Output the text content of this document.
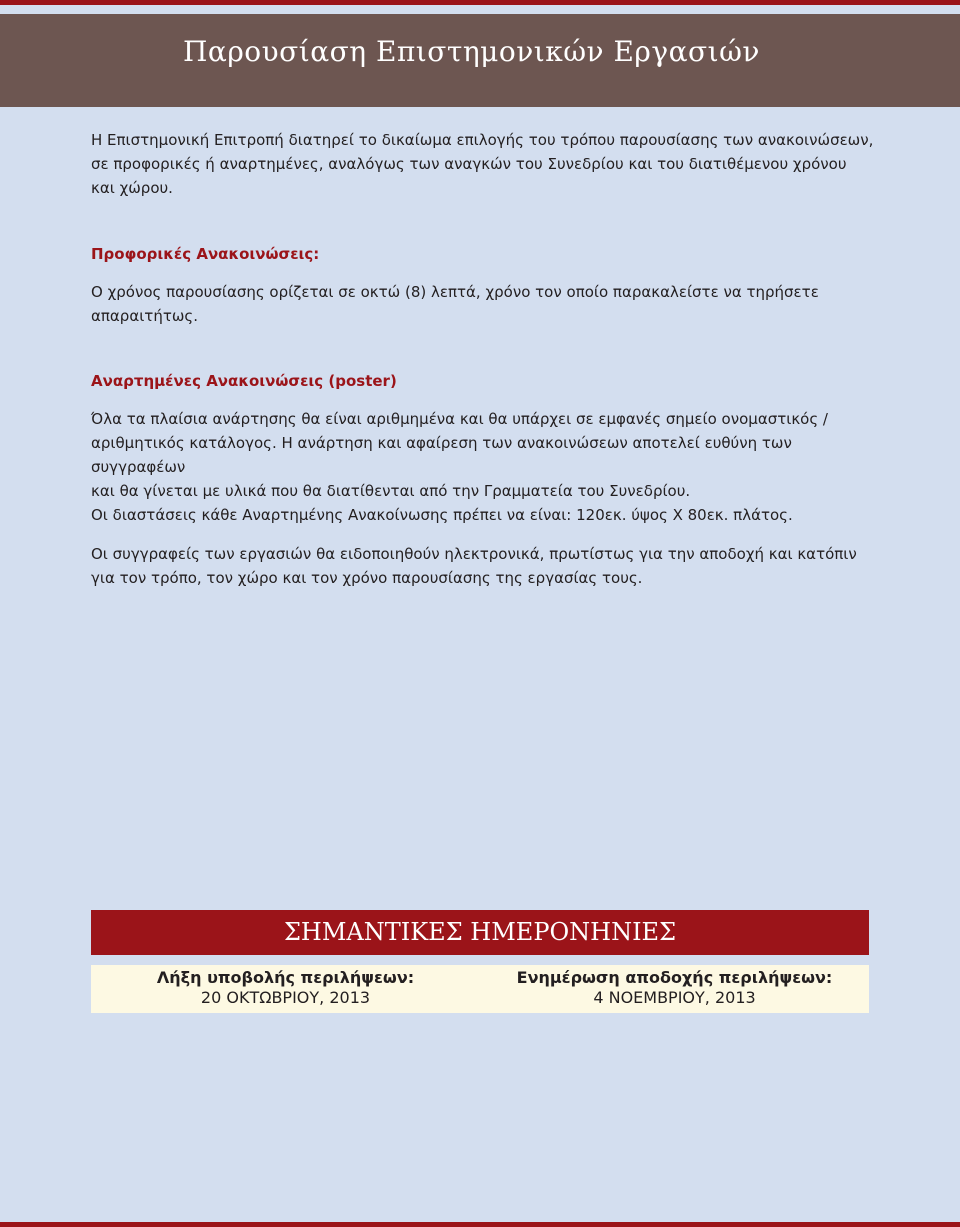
Παρουσίαση Επιστημονικών Εργασιών

Η Επιστημονική Επιτροπή διατηρεί το δικαίωμα επιλογής του τρόπου παρουσίασης των ανακοινώσεων,

σε προφορικές ή αναρτημένες, αναλόγως των αναγκών του Συνεδρίου και του διατιθέμενου χρόνου

και χώρου.

Προφορικές Ανακοινώσεις:

Ο χρόνος παρουσίασης ορίζεται σε οκτώ (8) λεπτά, χρόνο τον οποίο παρακαλείστε να τηρήσετε

απαραιτήτως.

Αναρτημένες Ανακοινώσεις (poster)

Όλα τα πλαίσια ανάρτησης θα είναι αριθμημένα και θα υπάρχει σε εμφανές σημείο ονομαστικός /

αριθμητικός κατάλογος. Η ανάρτηση και αφαίρεση των ανακοινώσεων αποτελεί ευθύνη των συγγραφέων

και θα γίνεται με υλικά που θα διατίθενται από την Γραμματεία του Συνεδρίου.

Οι διαστάσεις κάθε Αναρτημένης Ανακοίνωσης πρέπει να είναι: 120εκ. ύψος Χ 80εκ. πλάτος.

Οι συγγραφείς των εργασιών θα ειδοποιηθούν ηλεκτρονικά, πρωτίστως για την αποδοχή και κατόπιν

για τον τρόπο, τον χώρο και τον χρόνο παρουσίασης της εργασίας τους.

ΣΗΜΑΝΤΙΚΕΣ ΗΜΕΡΟΝΗΝΙΕΣ
Λήξη υποβολής περιλήψεων:
20 ΟΚΤΩΒΡΙΟΥ, 2013
Ενημέρωση αποδοχής περιλήψεων:
4 ΝΟΕΜΒΡΙΟΥ, 2013
